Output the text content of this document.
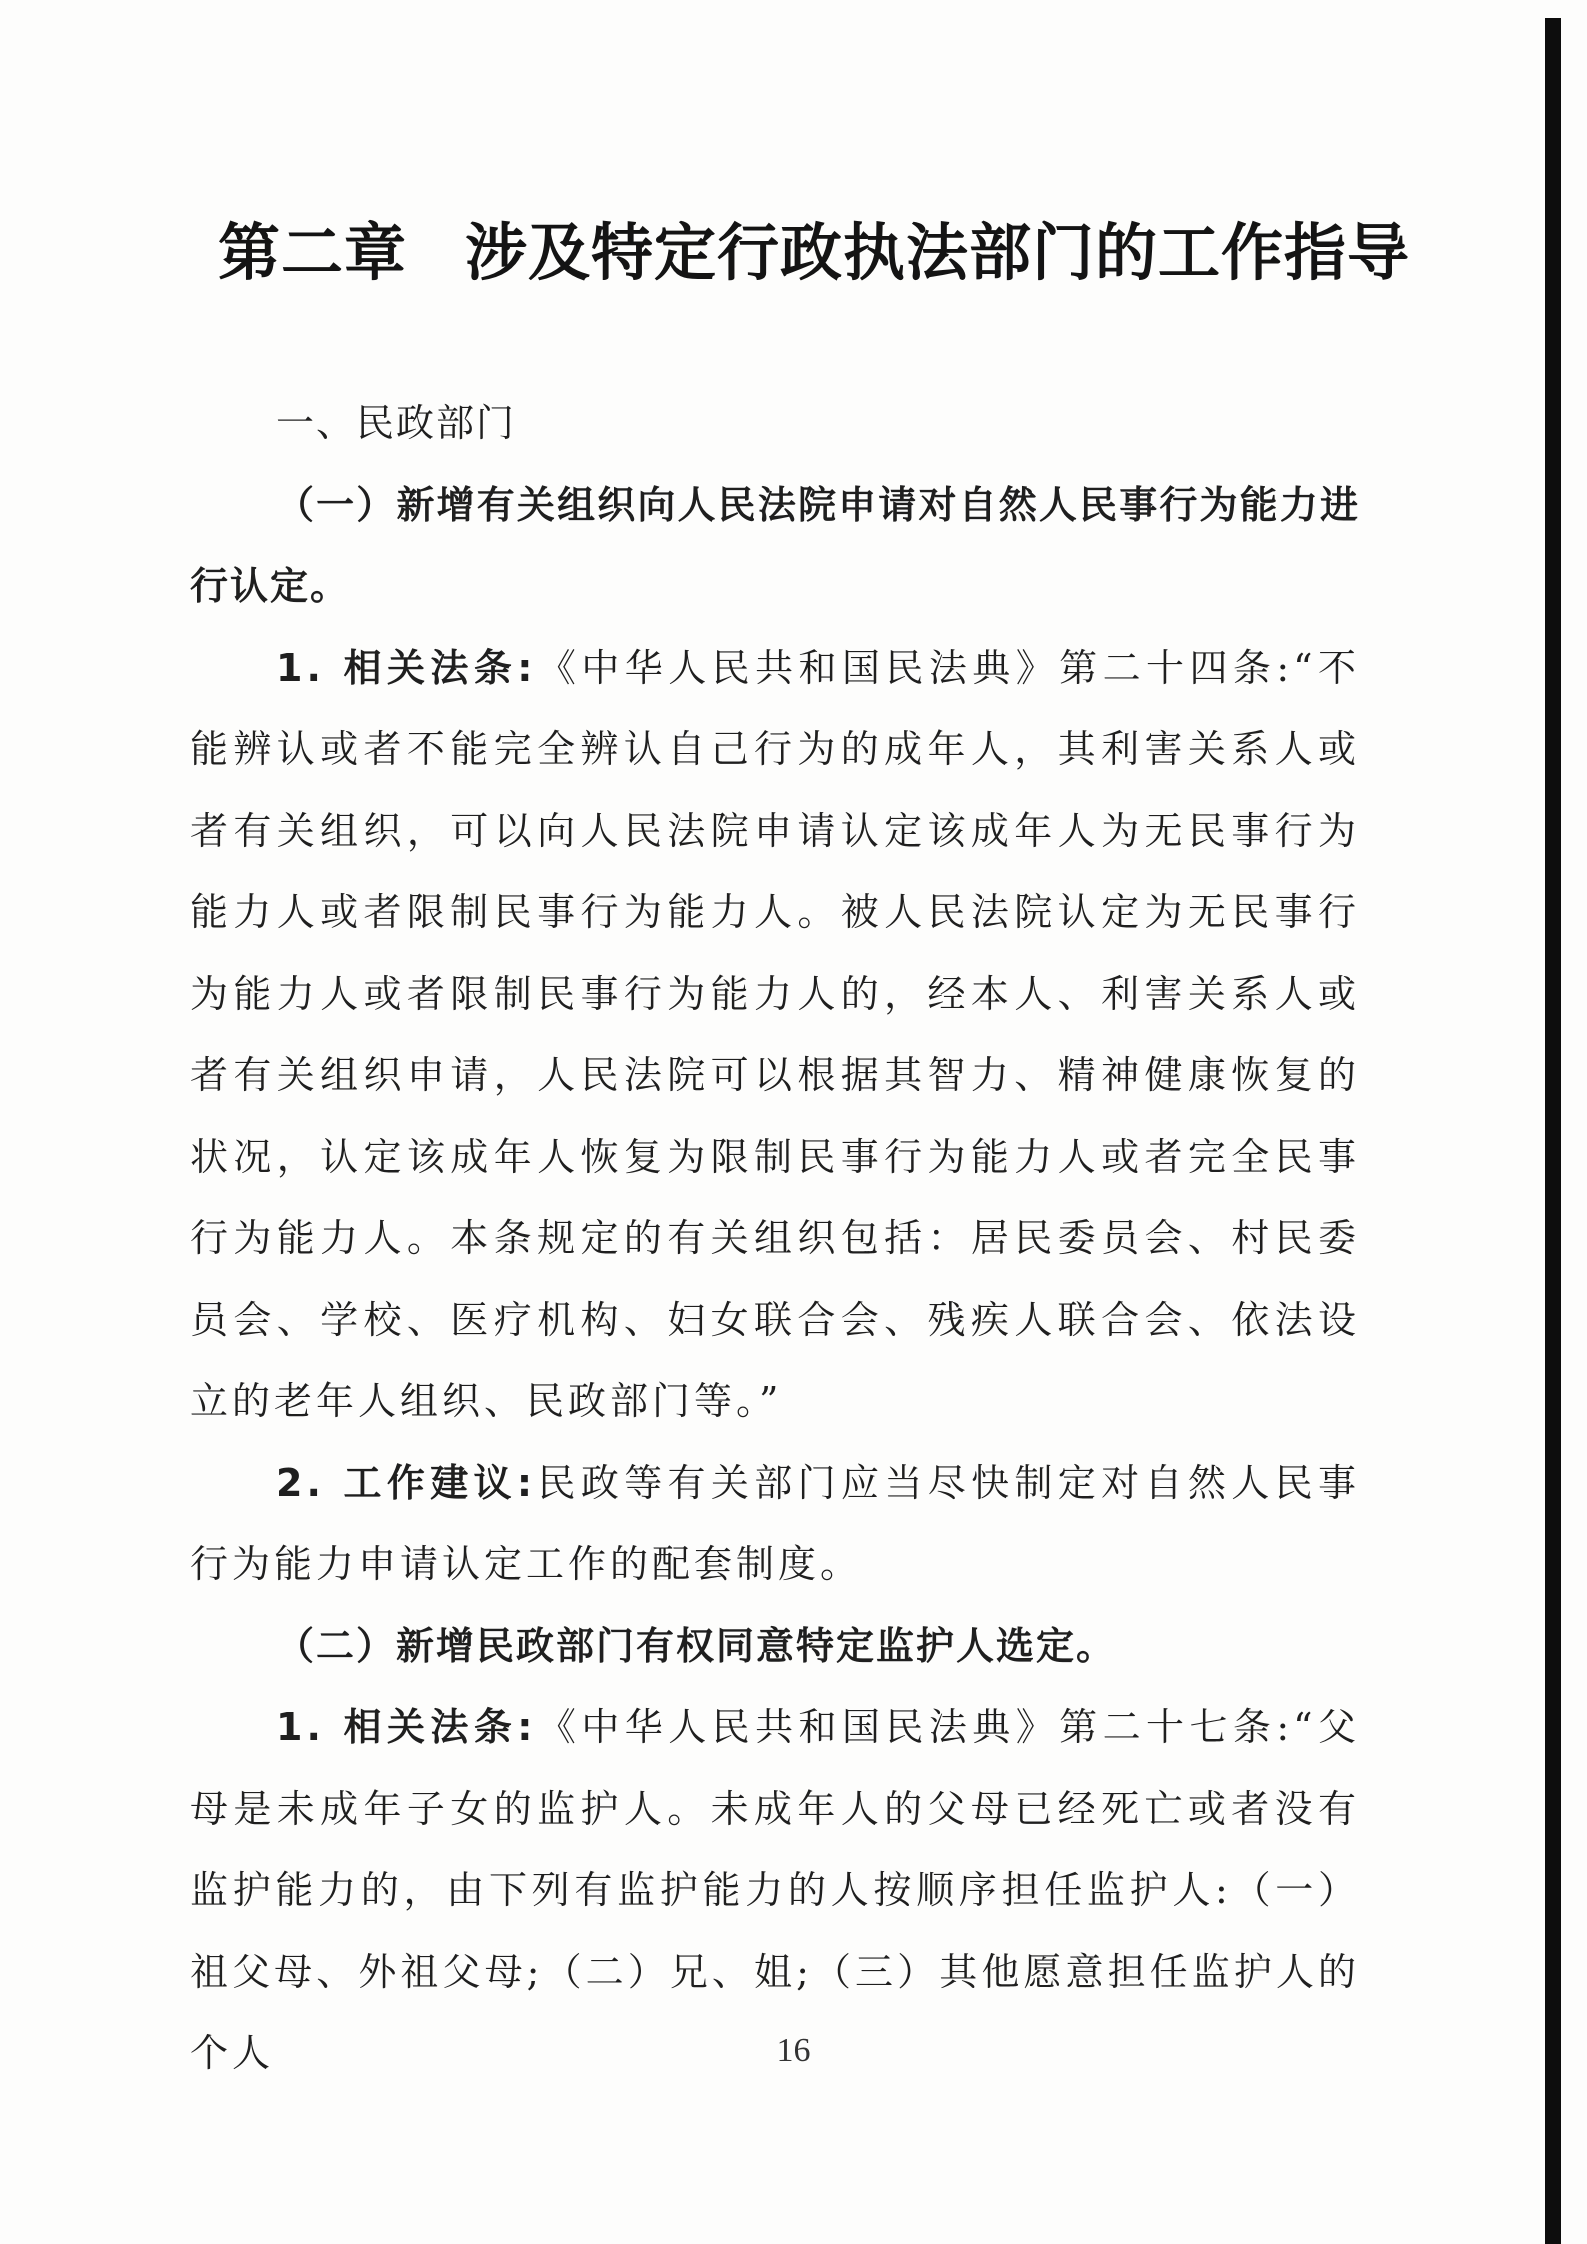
第二章 涉及特定行政执法部门的工作指导

一、民政部门

（一）新增有关组织向人民法院申请对自然人民事行为能力进行认定。

1. 相关法条:《中华人民共和国民法典》第二十四条:“不能辨认或者不能完全辨认自己行为的成年人，其利害关系人或者有关组织，可以向人民法院申请认定该成年人为无民事行为能力人或者限制民事行为能力人。被人民法院认定为无民事行为能力人或者限制民事行为能力人的，经本人、利害关系人或者有关组织申请，人民法院可以根据其智力、精神健康恢复的状况，认定该成年人恢复为限制民事行为能力人或者完全民事行为能力人。本条规定的有关组织包括：居民委员会、村民委员会、学校、医疗机构、妇女联合会、残疾人联合会、依法设立的老年人组织、民政部门等。”

2. 工作建议:民政等有关部门应当尽快制定对自然人民事行为能力申请认定工作的配套制度。

（二）新增民政部门有权同意特定监护人选定。

1. 相关法条:《中华人民共和国民法典》第二十七条:“父母是未成年子女的监护人。未成年人的父母已经死亡或者没有监护能力的，由下列有监护能力的人按顺序担任监护人:（一）祖父母、外祖父母;（二）兄、姐;（三）其他愿意担任监护人的个人	16
